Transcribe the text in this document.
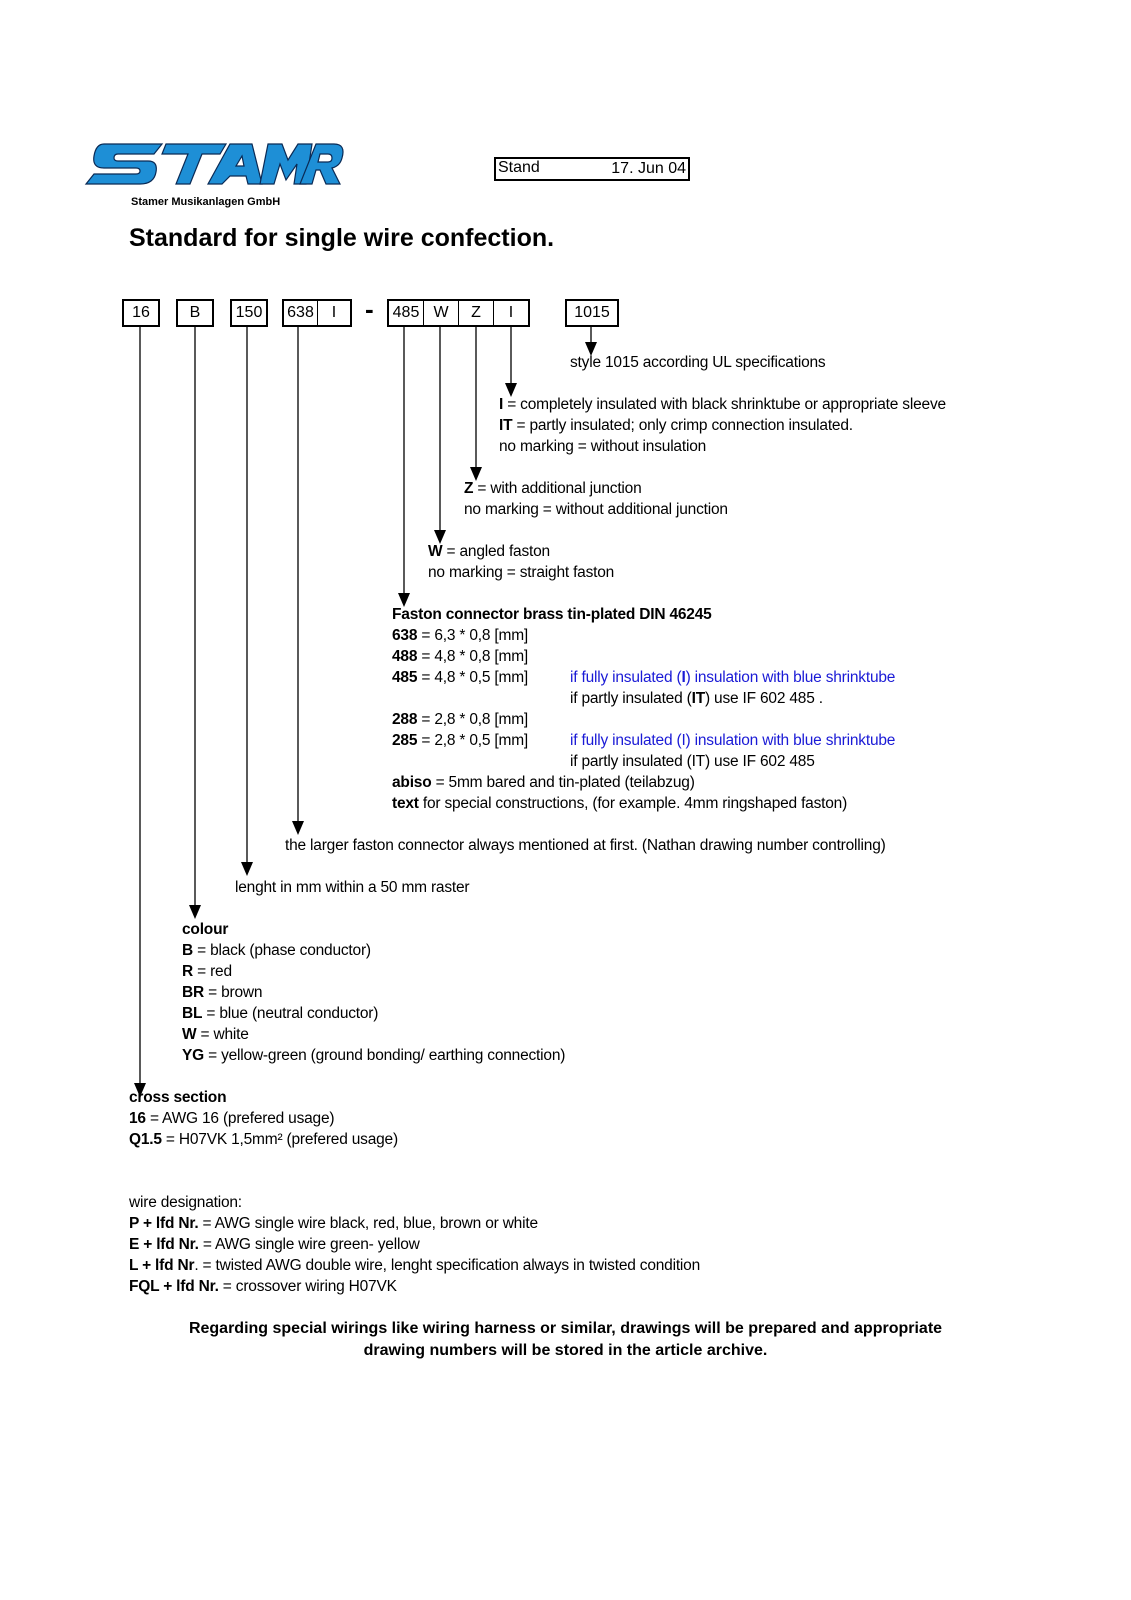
Stamer Musikanlagen GmbH
Stand	17. Jun 04
Standard for single wire confection.
16	B	150 638	I	- 485 W	Z	I	1015
style 1015 according UL specifications
I = completely insulated with black shrinktube or appropriate sleeve
IT = partly insulated; only crimp connection insulated.
no marking = without insulation
Z = with additional junction
no marking = without additional junction
W = angled faston
no marking = straight faston
Faston connector brass tin-plated DIN 46245
638 = 6,3 * 0,8 [mm]
488 = 4,8 * 0,8 [mm]
485 = 4,8 * 0,5 [mm]	if fully insulated (I) insulation with blue shrinktube
if partly insulated (IT) use IF 602 485 .
288 = 2,8 * 0,8 [mm]
285 = 2,8 * 0,5 [mm]	if fully insulated (I) insulation with blue shrinktube
if partly insulated (IT) use IF 602 485
abiso = 5mm bared and tin-plated (teilabzug)
text for special constructions, (for example. 4mm ringshaped faston)
the larger faston connector always mentioned at first. (Nathan drawing number controlling)
lenght in mm within a 50 mm raster
colour
B = black (phase conductor)
R = red
BR = brown
BL = blue (neutral conductor)
W = white
YG = yellow-green (ground bonding/ earthing connection)
cross section
16 = AWG 16 (prefered usage)
Q1.5 = H07VK 1,5mm² (prefered usage)
wire designation:
P + lfd Nr. = AWG single wire black, red, blue, brown or white
E + lfd Nr. = AWG single wire green- yellow
L + lfd Nr. = twisted AWG double wire, lenght specification always in twisted condition
FQL + lfd Nr. = crossover wiring H07VK
Regarding special wirings like wiring harness or similar, drawings will be prepared and appropriate
drawing numbers will be stored in the article archive.
